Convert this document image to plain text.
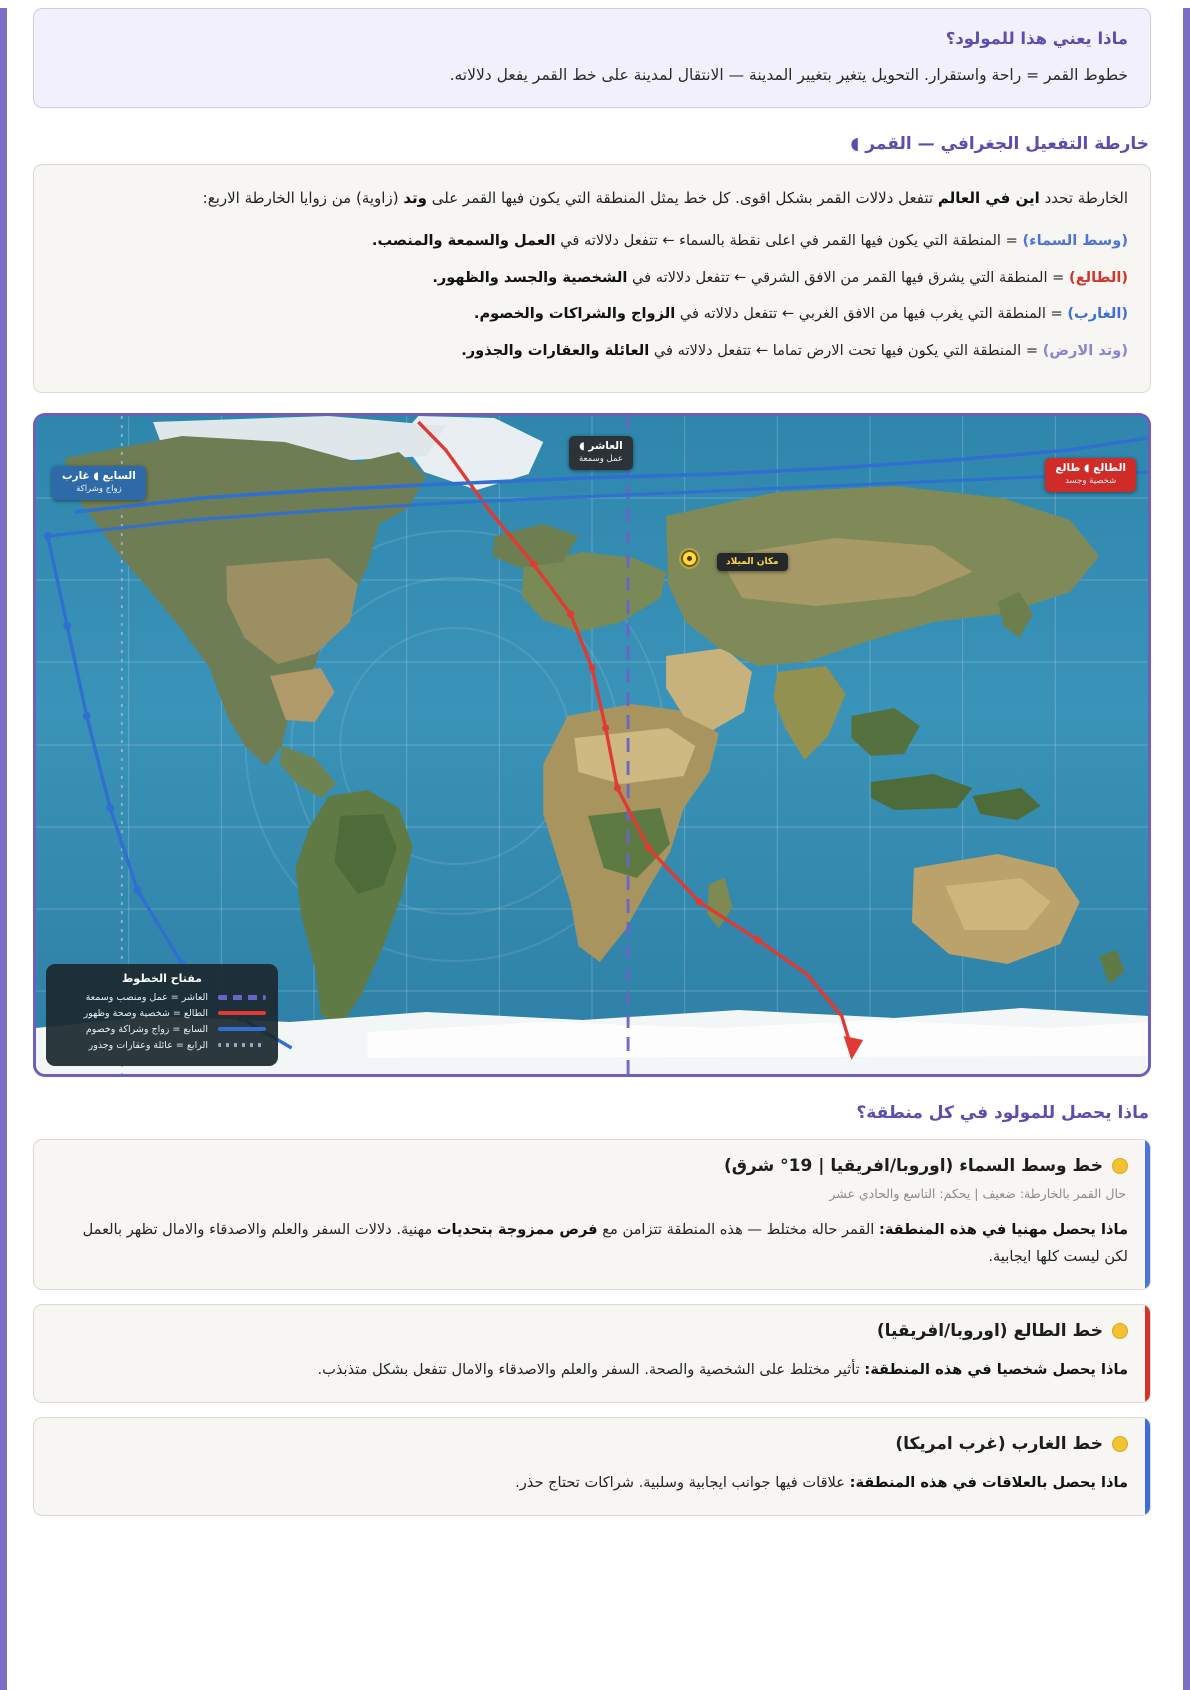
ماذا يعني هذا للمولود؟
خطوط القمر = راحة واستقرار. التحويل يتغير بتغيير المدينة — الانتقال لمدينة على خط القمر يفعل دلالاته.
خارطة التفعيل الجغرافي — القمر ◖
الخارطة تحدد اين في العالم تتفعل دلالات القمر بشكل اقوى. كل خط يمثل المنطقة التي يكون فيها القمر على وتد (زاوية) من زوايا الخارطة الاربع:
(وسط السماء) = المنطقة التي يكون فيها القمر في اعلى نقطة بالسماء ← تتفعل دلالاته في العمل والسمعة والمنصب.
(الطالع) = المنطقة التي يشرق فيها القمر من الافق الشرقي ← تتفعل دلالاته في الشخصية والجسد والظهور.
(الغارب) = المنطقة التي يغرب فيها من الافق الغربي ← تتفعل دلالاته في الزواج والشراكات والخصوم.
(وتد الارض) = المنطقة التي يكون فيها تحت الارض تماما ← تتفعل دلالاته في العائلة والعقارات والجذور.
السابع ◖ غارب
زواج وشراكة
العاشر ◖
عمل وسمعة
الطالع ◖ طالع
شخصية وجسد
مكان الميلاد
مفتاح الخطوط
العاشر = عمل ومنصب وسمعة
الطالع = شخصية وصحة وظهور
السابع = زواج وشراكة وخصوم
الرابع = عائلة وعقارات وجذور
ماذا يحصل للمولود في كل منطقة؟
خط وسط السماء (اوروبا/افريقيا | 19° شرق)
حال القمر بالخارطة: ضعيف | يحكم: التاسع والحادي عشر
ماذا يحصل مهنيا في هذه المنطقة: القمر حاله مختلط — هذه المنطقة تتزامن مع فرص ممزوجة بتحديات مهنية. دلالات السفر والعلم والاصدقاء والامال تظهر بالعمل لكن ليست كلها ايجابية.
خط الطالع (اوروبا/افريقيا)
ماذا يحصل شخصيا في هذه المنطقة: تأثير مختلط على الشخصية والصحة. السفر والعلم والاصدقاء والامال تتفعل بشكل متذبذب.
خط الغارب (غرب امريكا)
ماذا يحصل بالعلاقات في هذه المنطقة: علاقات فيها جوانب ايجابية وسلبية. شراكات تحتاج حذر.
